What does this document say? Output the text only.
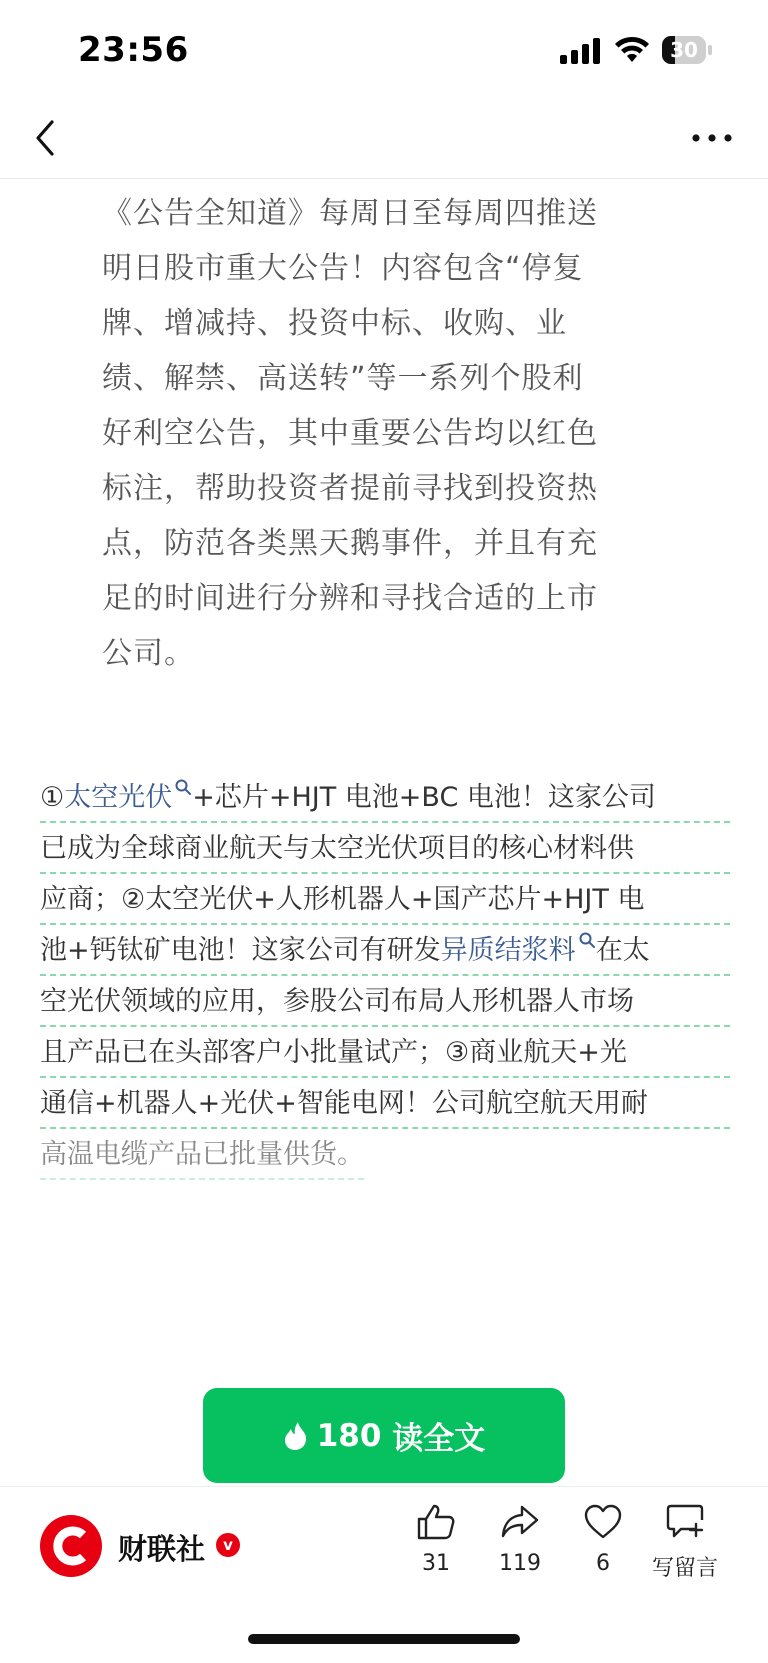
23:56	30
《公告全知道》每周日至每周四推送
明日股市重大公告！内容包含“停复
牌、增减持、投资中标、收购、业
绩、解禁、高送转”等一系列个股利
好利空公告，其中重要公告均以红色
标注，帮助投资者提前寻找到投资热
点，防范各类黑天鹅事件，并且有充
足的时间进行分辨和寻找合适的上市
公司。
①太空光伏 +芯片+HJT 电池+BC 电池！这家公司
已成为全球商业航天与太空光伏项目的核心材料供
应商；②太空光伏+人形机器人+国产芯片+HJT 电
池+钙钛矿电池！这家公司有研发异质结浆料 在太
空光伏领域的应用，参股公司布局人形机器人市场
且产品已在头部客户小批量试产；③商业航天+光
通信+机器人+光伏+智能电网！公司航空航天用耐
高温电缆产品已批量供货。
180
读全文
财联社	v
31	119	6	写留言
